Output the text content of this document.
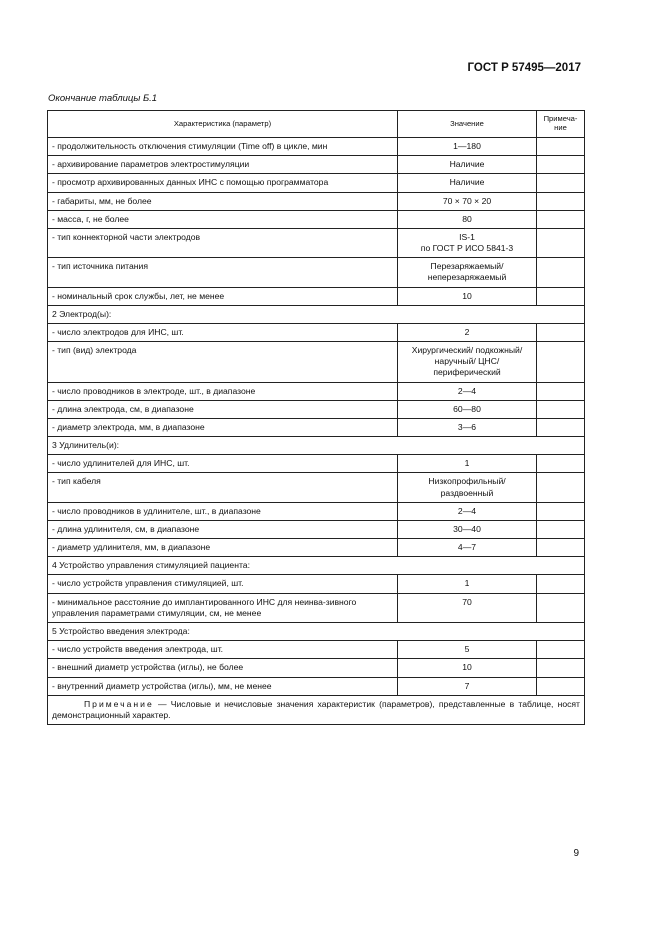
ГОСТ Р 57495—2017
Окончание таблицы Б.1
Характеристика (параметр)	Значение	Примеча-
ние

- продолжительность отключения стимуляции (Time off) в цикле, мин	1—180	

- архивирование параметров электростимуляции	Наличие	

- просмотр архивированных данных ИНС с помощью программатора	Наличие	

- габариты, мм, не более	70 × 70 × 20	

- масса, г, не более	80	

- тип коннекторной части электродов	IS-1
по ГОСТ Р ИСО 5841-3	

- тип источника питания	Перезаряжаемый/
неперезаряжаемый	

- номинальный срок службы, лет, не менее	10	

2 Электрод(ы):		
- число электродов для ИНС, шт.	2	

- тип (вид) электрода	Хирургический/ подкожный/
наручный/ ЦНС/
периферический	

- число проводников в электроде, шт., в диапазоне	2—4	

- длина электрода, см, в диапазоне	60—80	

- диаметр электрода, мм, в диапазоне	3—6	

3 Удлинитель(и):		
- число удлинителей для ИНС, шт.	1	

- тип кабеля	Низкопрофильный/
раздвоенный	

- число проводников в удлинителе, шт., в диапазоне	2—4	

- длина удлинителя, см, в диапазоне	30—40	

- диаметр удлинителя, мм, в диапазоне	4—7	

4 Устройство управления стимуляцией пациента:		
- число устройств управления стимуляцией, шт.	1	

- минимальное расстояние до имплантированного ИНС для неинва-зивного управления параметрами стимуляции, см, не менее	70	

5 Устройство введения электрода:		
- число устройств введения электрода, шт.	5	

- внешний диаметр устройства (иглы), не более	10	

- внутренний диаметр устройства (иглы), мм, не менее	7	

Примечание — Числовые и нечисловые значения характеристик (параметров), представленные в таблице, носят демонстрационный характер.		
9
